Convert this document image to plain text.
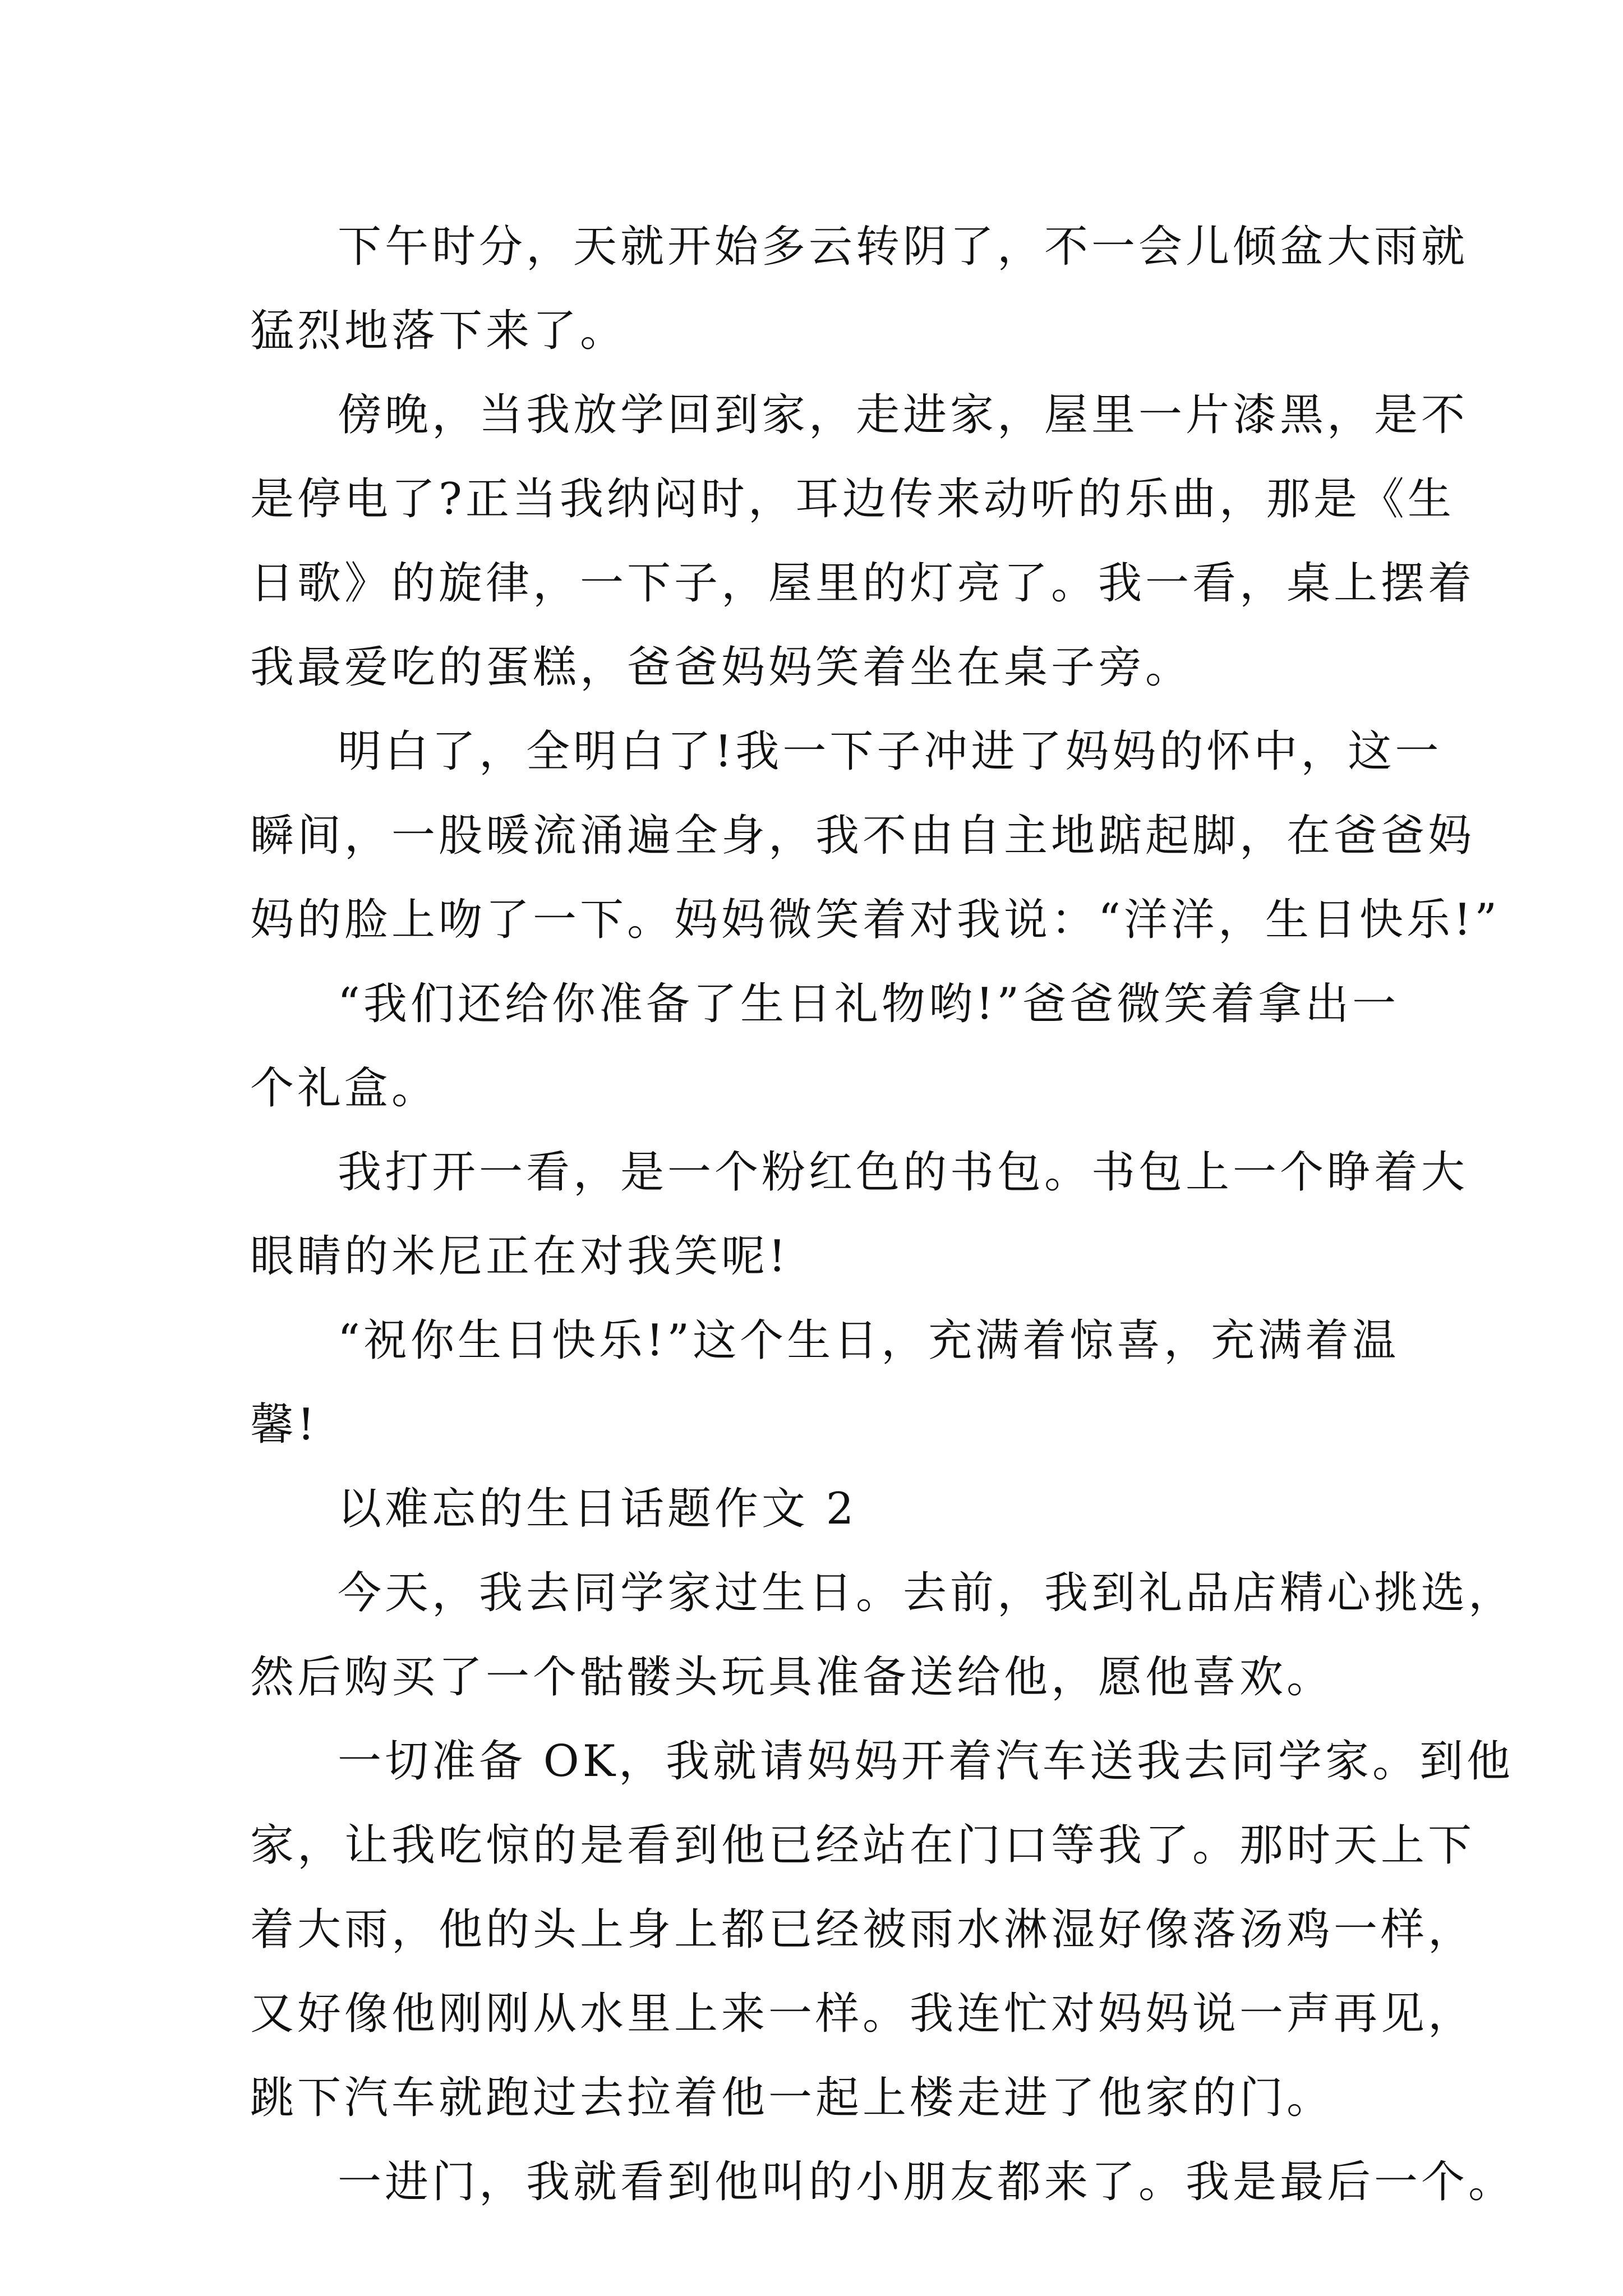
下午时分，天就开始多云转阴了，不一会儿倾盆大雨就
猛烈地落下来了。
傍晚，当我放学回到家，走进家，屋里一片漆黑，是不
是停电了?正当我纳闷时，耳边传来动听的乐曲，那是《生
日歌》的旋律，一下子，屋里的灯亮了。我一看，桌上摆着
我最爱吃的蛋糕，爸爸妈妈笑着坐在桌子旁。
明白了，全明白了!我一下子冲进了妈妈的怀中，这一
瞬间，一股暖流涌遍全身，我不由自主地踮起脚，在爸爸妈
妈的脸上吻了一下。妈妈微笑着对我说：“洋洋，生日快乐!”
“我们还给你准备了生日礼物哟!”爸爸微笑着拿出一
个礼盒。
我打开一看，是一个粉红色的书包。书包上一个睁着大
眼睛的米尼正在对我笑呢!
“祝你生日快乐!”这个生日，充满着惊喜，充满着温
馨!
以难忘的生日话题作文 2
今天，我去同学家过生日。去前，我到礼品店精心挑选，
然后购买了一个骷髅头玩具准备送给他，愿他喜欢。
一切准备 OK，我就请妈妈开着汽车送我去同学家。到他
家，让我吃惊的是看到他已经站在门口等我了。那时天上下
着大雨，他的头上身上都已经被雨水淋湿好像落汤鸡一样，
又好像他刚刚从水里上来一样。我连忙对妈妈说一声再见，
跳下汽车就跑过去拉着他一起上楼走进了他家的门。
一进门，我就看到他叫的小朋友都来了。我是最后一个。
